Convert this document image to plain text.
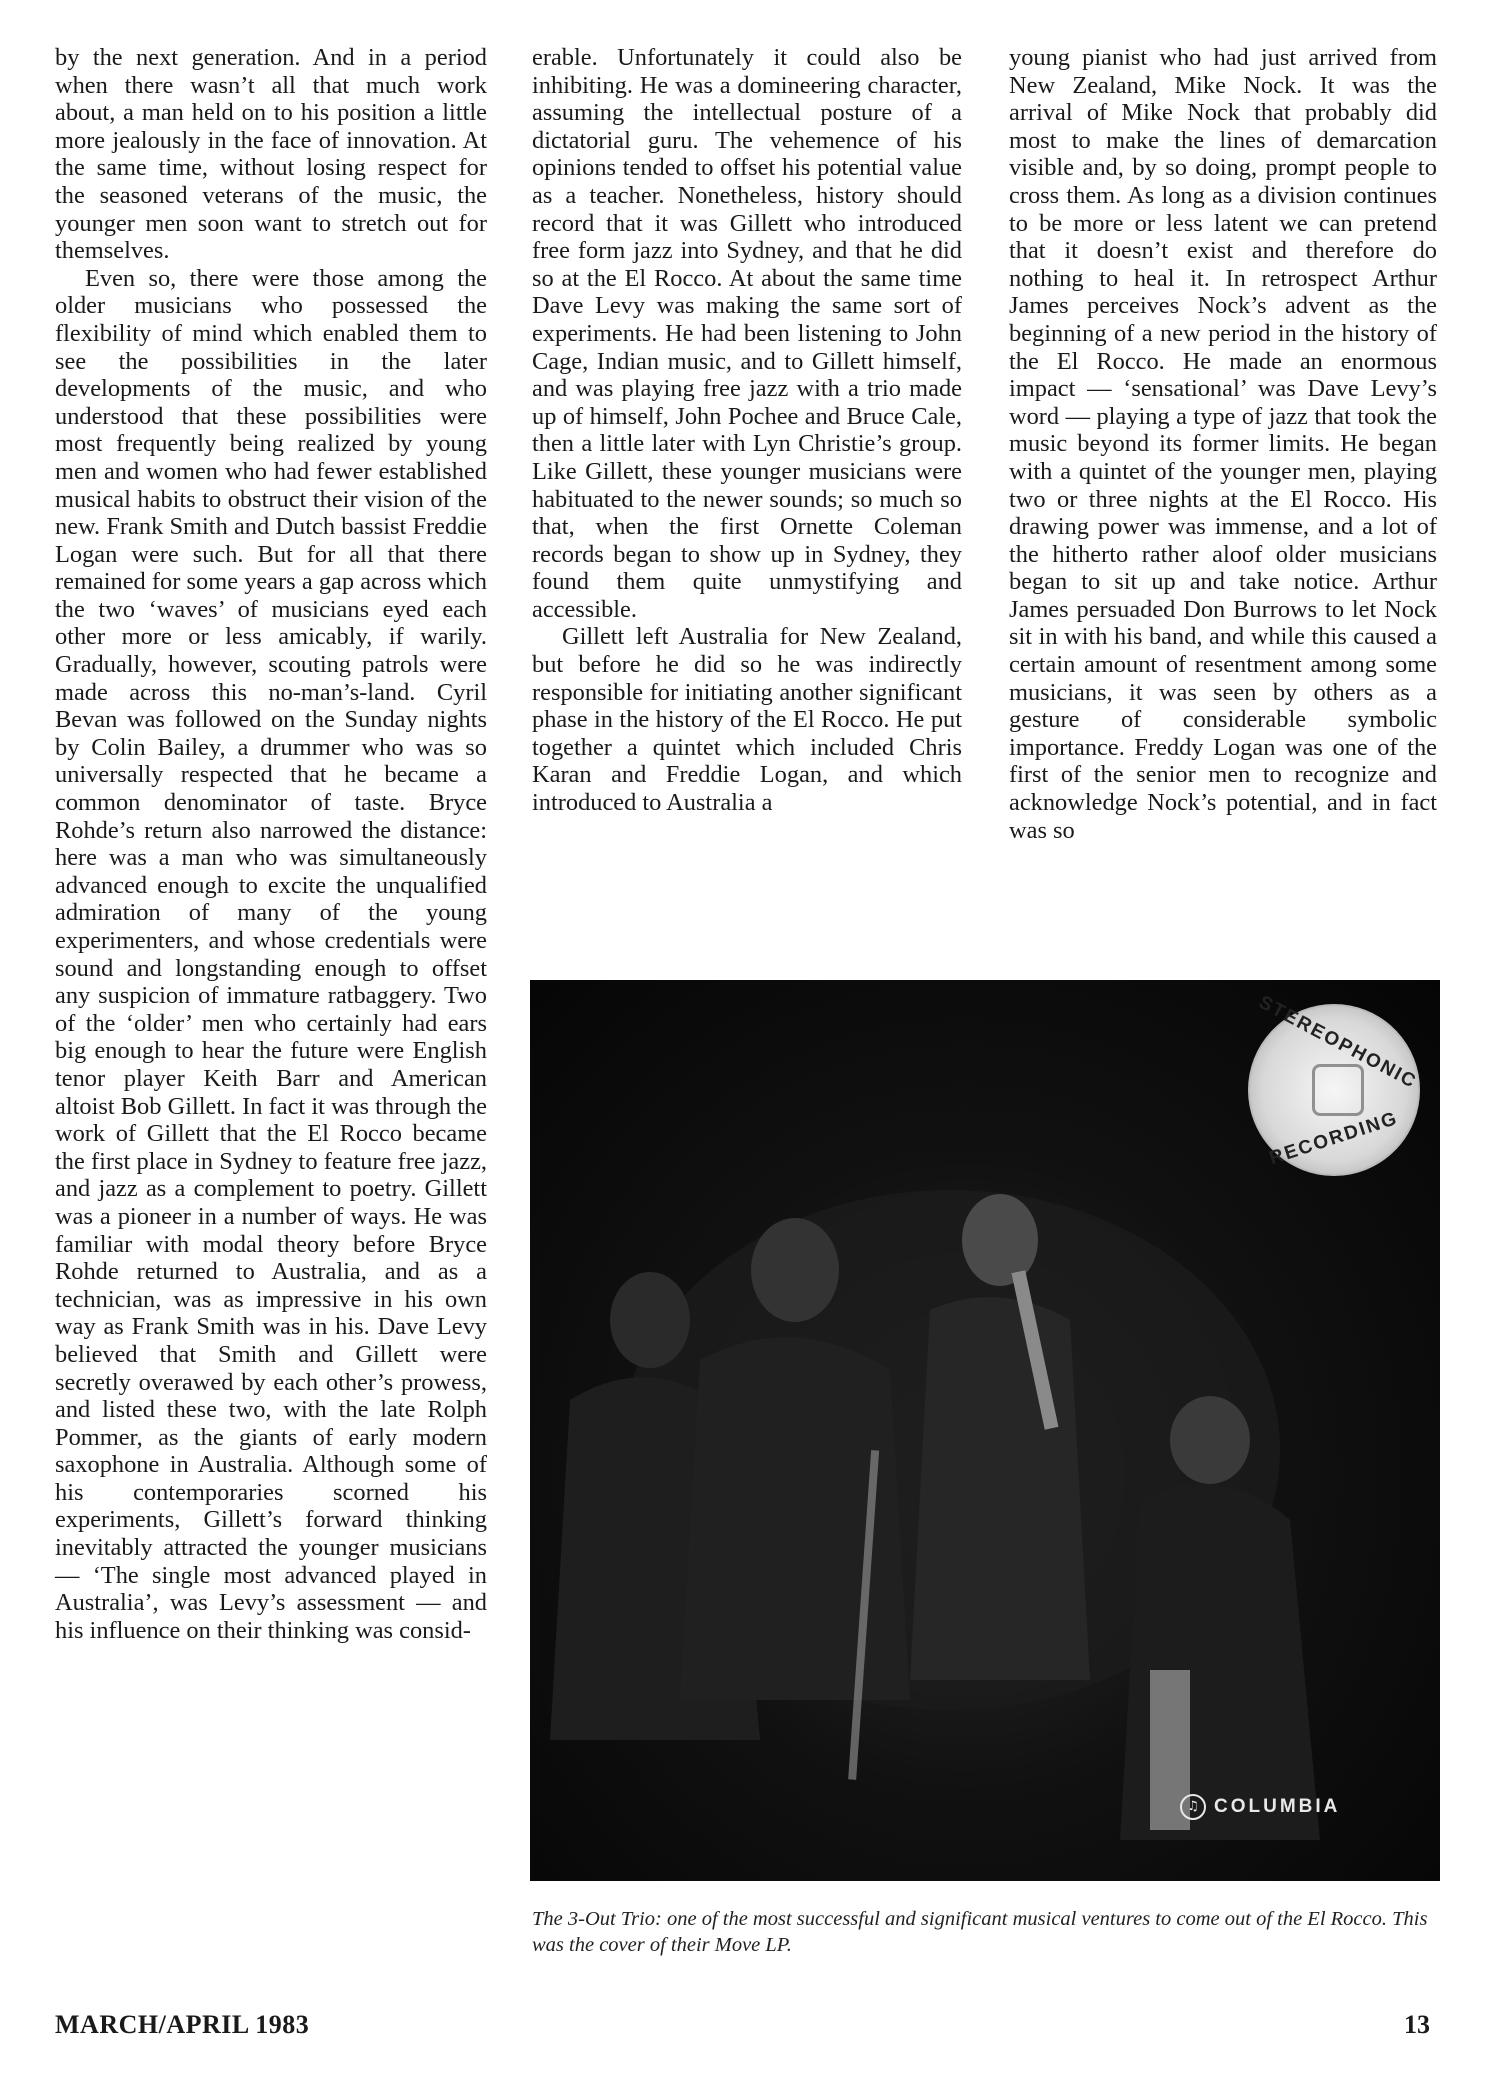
by the next generation. And in a period when there wasn’t all that much work about, a man held on to his position a little more jealously in the face of innovation. At the same time, without losing respect for the seasoned veterans of the music, the younger men soon want to stretch out for themselves.

Even so, there were those among the older musicians who possessed the flexibility of mind which enabled them to see the possibilities in the later developments of the music, and who understood that these possibilities were most frequently being realized by young men and women who had fewer established musical habits to obstruct their vision of the new. Frank Smith and Dutch bassist Freddie Logan were such. But for all that there remained for some years a gap across which the two ‘waves’ of musicians eyed each other more or less amicably, if warily. Gradually, however, scouting patrols were made across this no-man’s-land. Cyril Bevan was followed on the Sunday nights by Colin Bailey, a drummer who was so universally respected that he became a common denominator of taste. Bryce Rohde’s return also narrowed the distance: here was a man who was simultaneously advanced enough to excite the unqualified admiration of many of the young experimenters, and whose credentials were sound and longstanding enough to offset any suspicion of immature ratbaggery. Two of the ‘older’ men who certainly had ears big enough to hear the future were English tenor player Keith Barr and American altoist Bob Gillett. In fact it was through the work of Gillett that the El Rocco became the first place in Sydney to feature free jazz, and jazz as a complement to poetry. Gillett was a pioneer in a number of ways. He was familiar with modal theory before Bryce Rohde returned to Australia, and as a technician, was as impressive in his own way as Frank Smith was in his. Dave Levy believed that Smith and Gillett were secretly overawed by each other’s prowess, and listed these two, with the late Rolph Pommer, as the giants of early modern saxophone in Australia. Although some of his contemporaries scorned his experiments, Gillett’s forward thinking inevitably attracted the younger musicians — ‘The single most advanced played in Australia’, was Levy’s assessment — and his influence on their thinking was consid-

erable. Unfortunately it could also be inhibiting. He was a domineering character, assuming the intellectual posture of a dictatorial guru. The vehemence of his opinions tended to offset his potential value as a teacher. Nonetheless, history should record that it was Gillett who introduced free form jazz into Sydney, and that he did so at the El Rocco. At about the same time Dave Levy was making the same sort of experiments. He had been listening to John Cage, Indian music, and to Gillett himself, and was playing free jazz with a trio made up of himself, John Pochee and Bruce Cale, then a little later with Lyn Christie’s group. Like Gillett, these younger musicians were habituated to the newer sounds; so much so that, when the first Ornette Coleman records began to show up in Sydney, they found them quite unmystifying and accessible.

Gillett left Australia for New Zealand, but before he did so he was indirectly responsible for initiating another significant phase in the history of the El Rocco. He put together a quintet which included Chris Karan and Freddie Logan, and which introduced to Australia a

young pianist who had just arrived from New Zealand, Mike Nock. It was the arrival of Mike Nock that probably did most to make the lines of demarcation visible and, by so doing, prompt people to cross them. As long as a division continues to be more or less latent we can pretend that it doesn’t exist and therefore do nothing to heal it. In retrospect Arthur James perceives Nock’s advent as the beginning of a new period in the history of the El Rocco. He made an enormous impact — ‘sensational’ was Dave Levy’s word — playing a type of jazz that took the music beyond its former limits. He began with a quintet of the younger men, playing two or three nights at the El Rocco. His drawing power was immense, and a lot of the hitherto rather aloof older musicians began to sit up and take notice. Arthur James persuaded Don Burrows to let Nock sit in with his band, and while this caused a certain amount of resentment among some musicians, it was seen by others as a gesture of considerable symbolic importance. Freddy Logan was one of the first of the senior men to recognize and acknowledge Nock’s potential, and in fact was so

STEREOPHONIC
RECORDING
♫ COLUMBIA
The 3-Out Trio: one of the most successful and significant musical ventures to come out of the El Rocco. This was the cover of their Move LP.
MARCH/APRIL 1983	13
